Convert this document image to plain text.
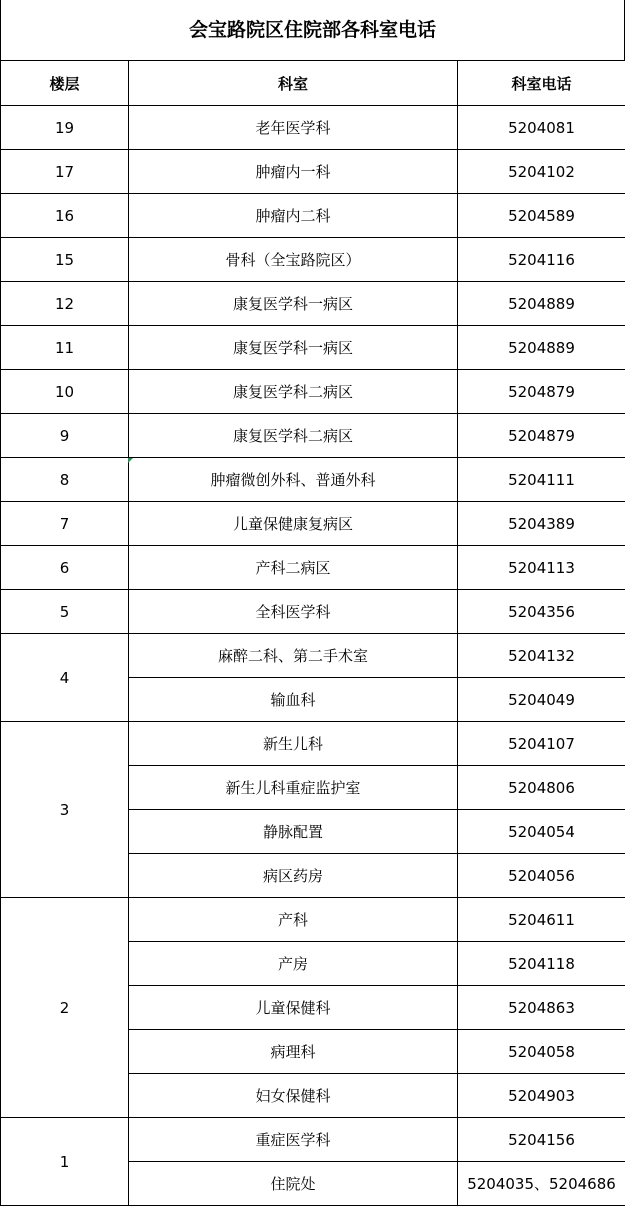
会宝路院区住院部各科室电话
楼层	科室	科室电话
19	老年医学科	5204081
17	肿瘤内一科	5204102
16	肿瘤内二科	5204589
15	骨科（全宝路院区）	5204116
12	康复医学科一病区	5204889
11	康复医学科一病区	5204889
10	康复医学科二病区	5204879
9	康复医学科二病区	5204879
8	肿瘤微创外科、普通外科	5204111
7	儿童保健康复病区	5204389
6	产科二病区	5204113
5	全科医学科	5204356
4	麻醉二科、第二手术室	5204132
	输血科	5204049
3	新生儿科	5204107
	新生儿科重症监护室	5204806
	静脉配置	5204054
	病区药房	5204056
2	产科	5204611
	产房	5204118
	儿童保健科	5204863
	病理科	5204058
	妇女保健科	5204903
1	重症医学科	5204156
	住院处	5204035、5204686
